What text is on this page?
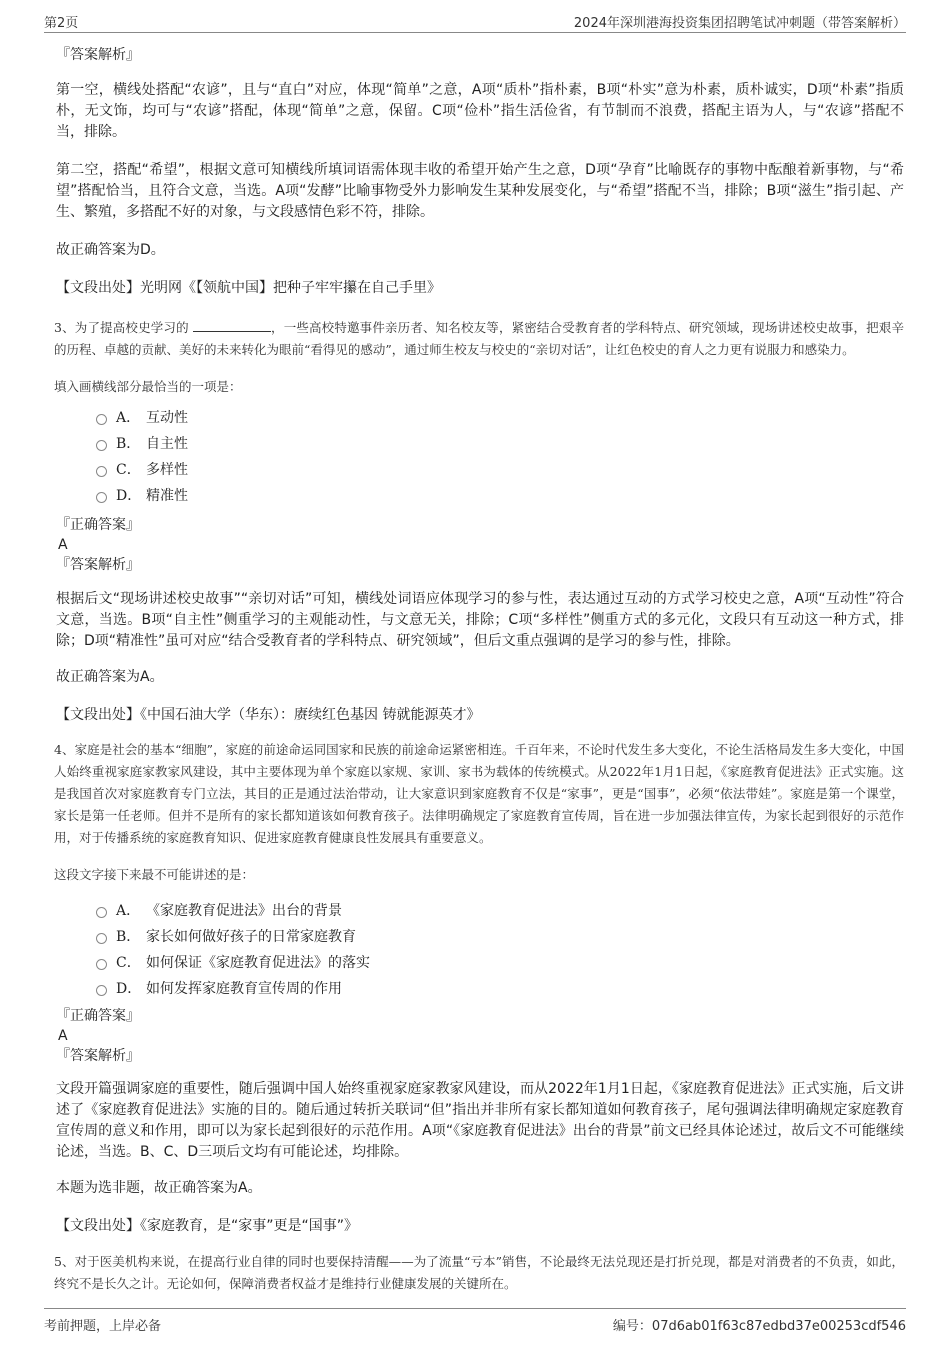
第2页	2024年深圳港海投资集团招聘笔试冲刺题（带答案解析）
『答案解析』

第一空，横线处搭配“农谚”，且与“直白”对应，体现“简单”之意，A项“质朴”指朴素，B项“朴实”意为朴素，质朴诚实，D项“朴素”指质朴，无文饰，均可与“农谚”搭配，体现“简单”之意，保留。C项“俭朴”指生活俭省，有节制而不浪费，搭配主语为人，与“农谚”搭配不当，排除。

第二空，搭配“希望”，根据文意可知横线所填词语需体现丰收的希望开始产生之意，D项“孕育”比喻既存的事物中酝酿着新事物，与“希望”搭配恰当，且符合文意，当选。A项“发酵”比喻事物受外力影响发生某种发展变化，与“希望”搭配不当，排除；B项“滋生”指引起、产生、繁殖，多搭配不好的对象，与文段感情色彩不符，排除。

故正确答案为D。

【文段出处】光明网《【领航中国】把种子牢牢攥在自己手里》

3、为了提高校史学习的	，一些高校特邀事件亲历者、知名校友等，紧密结合受教育者的学科特点、研究领域，现场讲述校史故事，把艰辛的历程、卓越的贡献、美好的未来转化为眼前“看得见的感动”，通过师生校友与校史的“亲切对话”，让红色校史的育人之力更有说服力和感染力。

填入画横线部分最恰当的一项是：
A． 互动性
B． 自主性
C． 多样性
D． 精准性
『正确答案』
A
『答案解析』

根据后文“现场讲述校史故事”“亲切对话”可知，横线处词语应体现学习的参与性，表达通过互动的方式学习校史之意，A项“互动性”符合文意，当选。B项“自主性”侧重学习的主观能动性，与文意无关，排除；C项“多样性”侧重方式的多元化，文段只有互动这一种方式，排除；D项“精准性”虽可对应“结合受教育者的学科特点、研究领域”，但后文重点强调的是学习的参与性，排除。

故正确答案为A。

【文段出处】《中国石油大学（华东）：赓续红色基因 铸就能源英才》

4、家庭是社会的基本“细胞”，家庭的前途命运同国家和民族的前途命运紧密相连。千百年来，不论时代发生多大变化，不论生活格局发生多大变化，中国人始终重视家庭家教家风建设，其中主要体现为单个家庭以家规、家训、家书为载体的传统模式。从2022年1月1日起，《家庭教育促进法》正式实施。这是我国首次对家庭教育专门立法，其目的正是通过法治带动，让大家意识到家庭教育不仅是“家事”，更是“国事”，必须“依法带娃”。家庭是第一个课堂，家长是第一任老师。但并不是所有的家长都知道该如何教育孩子。法律明确规定了家庭教育宣传周，旨在进一步加强法律宣传，为家长起到很好的示范作用，对于传播系统的家庭教育知识、促进家庭教育健康良性发展具有重要意义。

这段文字接下来最不可能讲述的是：
A． 《家庭教育促进法》出台的背景
B． 家长如何做好孩子的日常家庭教育
C． 如何保证《家庭教育促进法》的落实
D． 如何发挥家庭教育宣传周的作用
『正确答案』
A
『答案解析』

文段开篇强调家庭的重要性，随后强调中国人始终重视家庭家教家风建设，而从2022年1月1日起，《家庭教育促进法》正式实施，后文讲述了《家庭教育促进法》实施的目的。随后通过转折关联词“但”指出并非所有家长都知道如何教育孩子，尾句强调法律明确规定家庭教育宣传周的意义和作用，即可以为家长起到很好的示范作用。A项“《家庭教育促进法》出台的背景”前文已经具体论述过，故后文不可能继续论述，当选。B、C、D三项后文均有可能论述，均排除。

本题为选非题，故正确答案为A。

【文段出处】《家庭教育，是“家事”更是“国事”》

5、对于医美机构来说，在提高行业自律的同时也要保持清醒——为了流量“亏本”销售，不论最终无法兑现还是打折兑现，都是对消费者的不负责，如此，终究不是长久之计。无论如何，保障消费者权益才是维持行业健康发展的关键所在。

考前押题，上岸必备	编号：07d6ab01f63c87edbd37e00253cdf546
